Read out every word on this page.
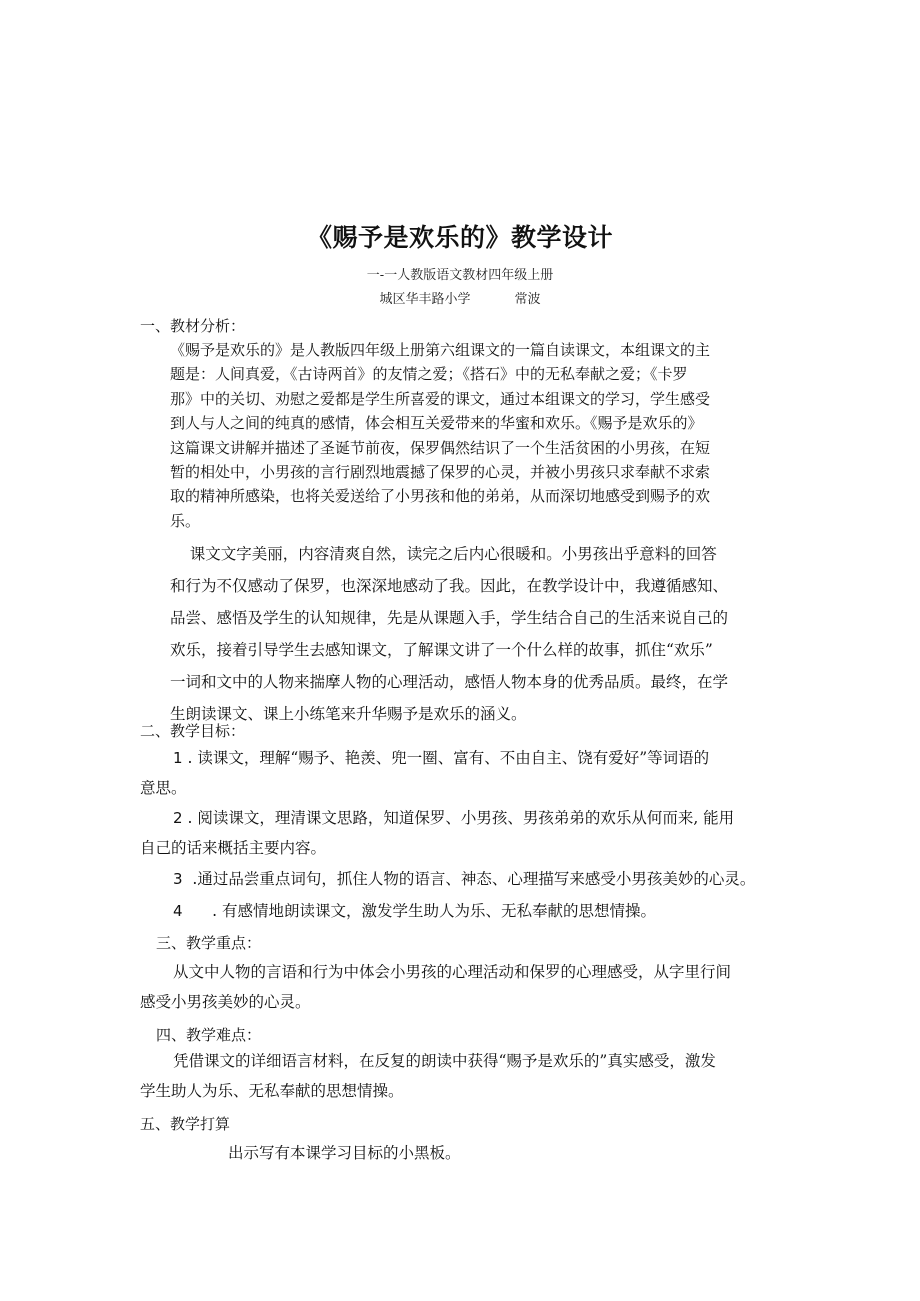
《赐予是欢乐的》教学设计

一-一人教版语文教材四年级上册

城区华丰路小学	常波

一、教材分析：

《赐予是欢乐的》是人教版四年级上册第六组课文的一篇自读课文，本组课文的主
题是：人间真爱，《古诗两首》的友情之爱；《搭石》中的无私奉献之爱；《卡罗
那》中的关切、劝慰之爱都是学生所喜爱的课文，通过本组课文的学习，学生感受
到人与人之间的纯真的感情，体会相互关爱带来的华蜜和欢乐。《赐予是欢乐的》
这篇课文讲解并描述了圣诞节前夜，保罗偶然结识了一个生活贫困的小男孩，在短
暂的相处中，小男孩的言行剧烈地震撼了保罗的心灵，并被小男孩只求奉献不求索
取的精神所感染，也将关爱送给了小男孩和他的弟弟，从而深切地感受到赐予的欢
乐。
课文文字美丽，内容清爽自然，读完之后内心很暖和。小男孩出乎意料的回答
和行为不仅感动了保罗，也深深地感动了我。因此，在教学设计中，我遵循感知、
品尝、感悟及学生的认知规律，先是从课题入手，学生结合自己的生活来说自己的
欢乐，接着引导学生去感知课文，了解课文讲了一个什么样的故事，抓住“欢乐”
一词和文中的人物来揣摩人物的心理活动，感悟人物本身的优秀品质。最终，在学
生朗读课文、课上小练笔来升华赐予是欢乐的涵义。

二、教学目标：

1 . 读课文，理解“赐予、艳羡、兜一圈、富有、不由自主、饶有爱好”等词语的
意思。
2 . 阅读课文，理清课文思路，知道保罗、小男孩、男孩弟弟的欢乐从何而来, 能用
自己的话来概括主要内容。
3  .通过品尝重点词句，抓住人物的语言、神态、心理描写来感受小男孩美妙的心灵。
4      . 有感情地朗读课文，激发学生助人为乐、无私奉献的思想情操。

三、教学重点：

从文中人物的言语和行为中体会小男孩的心理活动和保罗的心理感受，从字里行间
感受小男孩美妙的心灵。

四、教学难点：

凭借课文的详细语言材料，在反复的朗读中获得“赐予是欢乐的”真实感受，激发
学生助人为乐、无私奉献的思想情操。

五、教学打算

出示写有本课学习目标的小黑板。
